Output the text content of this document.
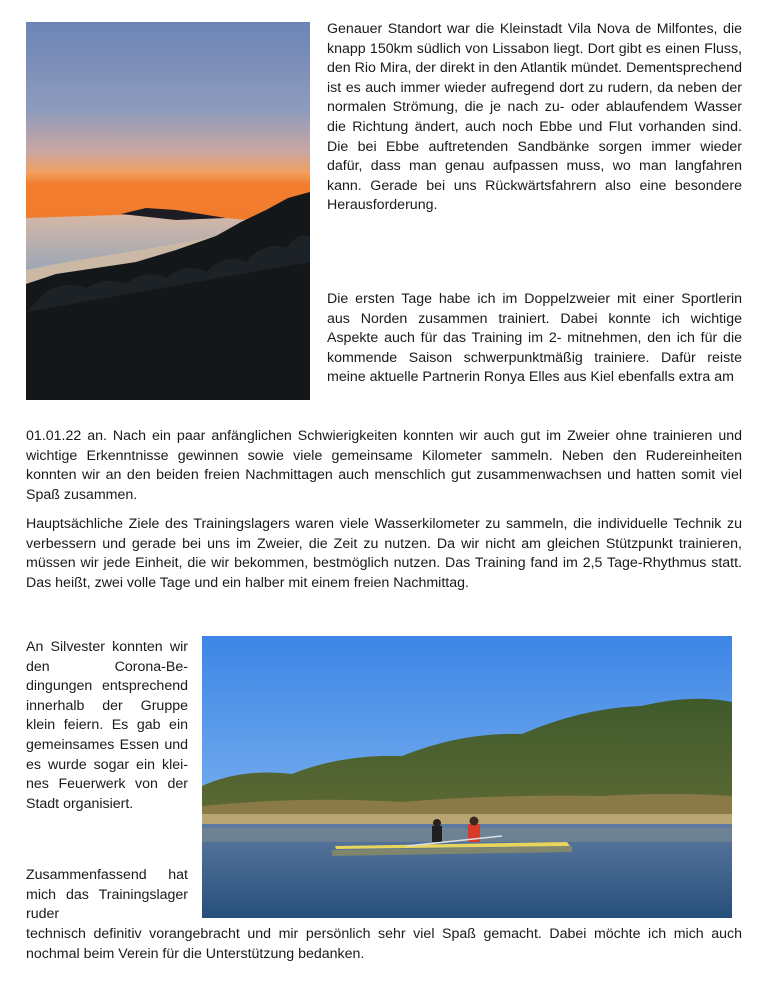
Genauer Standort war die Kleinstadt Vila Nova de Milfontes, die knapp 150km südlich von Lissabon liegt. Dort gibt es einen Fluss, den Rio Mira, der direkt in den Atlantik mündet. Dementsprechend ist es auch immer wieder aufregend dort zu rudern, da neben der normalen Strömung, die je nach zu- oder ablaufendem Wasser die Richtung ändert, auch noch Ebbe und Flut vorhanden sind. Die bei Ebbe auftretenden Sandbänke sorgen immer wieder dafür, dass man genau aufpassen muss, wo man langfahren kann. Gerade bei uns Rückwärtsfahrern also eine besondere Herausforderung.
Die ersten Tage habe ich im Doppelzweier mit einer Sportlerin aus Norden zusammen trainiert. Dabei konnte ich wichtige Aspekte auch für das Training im 2- mitnehmen, den ich für die kommende Saison schwerpunktmäßig trainiere. Dafür reiste meine aktuelle Partnerin Ronya Elles aus Kiel ebenfalls extra am
01.01.22 an. Nach ein paar anfänglichen Schwierigkeiten konnten wir auch gut im Zweier ohne trainieren und wichtige Erkenntnisse gewinnen sowie viele gemeinsame Kilometer sammeln. Neben den Rudereinheiten konnten wir an den beiden freien Nachmittagen auch menschlich gut zusammenwachsen und hatten somit viel Spaß zusammen.
Hauptsächliche Ziele des Trainingslagers waren viele Wasserkilometer zu sammeln, die individuelle Technik zu verbessern und gerade bei uns im Zweier, die Zeit zu nutzen. Da wir nicht am gleichen Stützpunkt trainieren, müssen wir jede Einheit, die wir bekommen, bestmöglich nutzen. Das Training fand im 2,5 Tage-Rhythmus statt. Das heißt, zwei volle Tage und ein halber mit einem freien Nachmittag.
An Silvester konnten wir den Corona-Bedingungen entsprechend innerhalb der Gruppe klein feiern. Es gab ein gemeinsames Essen und es wurde sogar ein kleines Feuerwerk von der Stadt organisiert.
Zusammenfassend hat mich das Trainingslager ruder
technisch definitiv vorangebracht und mir persönlich sehr viel Spaß gemacht. Dabei möchte ich mich auch nochmal beim Verein für die Unterstützung bedanken.
